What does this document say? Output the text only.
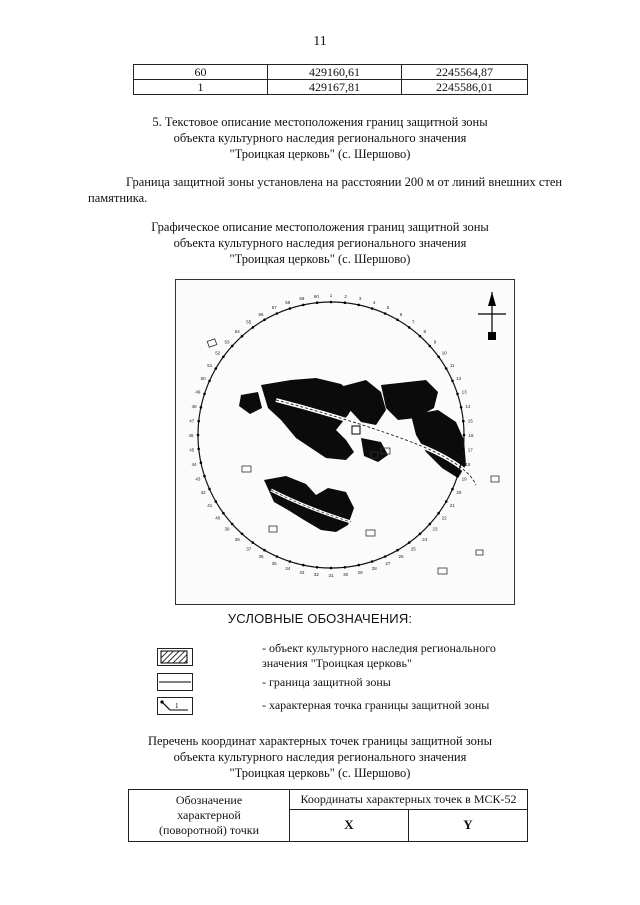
11
60	429160,61	2245564,87
1	429167,81	2245586,01
5. Текстовое описание местоположения границ защитной зоны
объекта культурного наследия регионального значения
"Троицкая церковь" (с. Шершово)
Граница защитной зоны установлена на расстоянии 200 м от линий внешних стен
памятника.
Графическое описание местоположения границ защитной зоны
объекта культурного наследия регионального значения
"Троицкая церковь" (с. Шершово)
1	2	3
4
5
6
7
8
9
10
11
12
13
14
15
16
17
18
19
20
21
22
23
24
25
26
27
28
29
30
31
32
33
34
35
36
37
38
39
40
41
42
43
44
45
46
47
48
49
50
51
52
53
54
55
56
57
58
59 60
УСЛОВНЫЕ ОБОЗНАЧЕНИЯ:
- объект культурного наследия регионального
значения "Троицкая церковь"
- граница защитной зоны
1	- характерная точка границы защитной зоны
Перечень координат характерных точек границы защитной зоны
объекта культурного наследия регионального значения
"Троицкая церковь" (с. Шершово)
Обозначение
характерной
(поворотной) точки	Координаты характерных точек в МСК-52	
	X	Y
